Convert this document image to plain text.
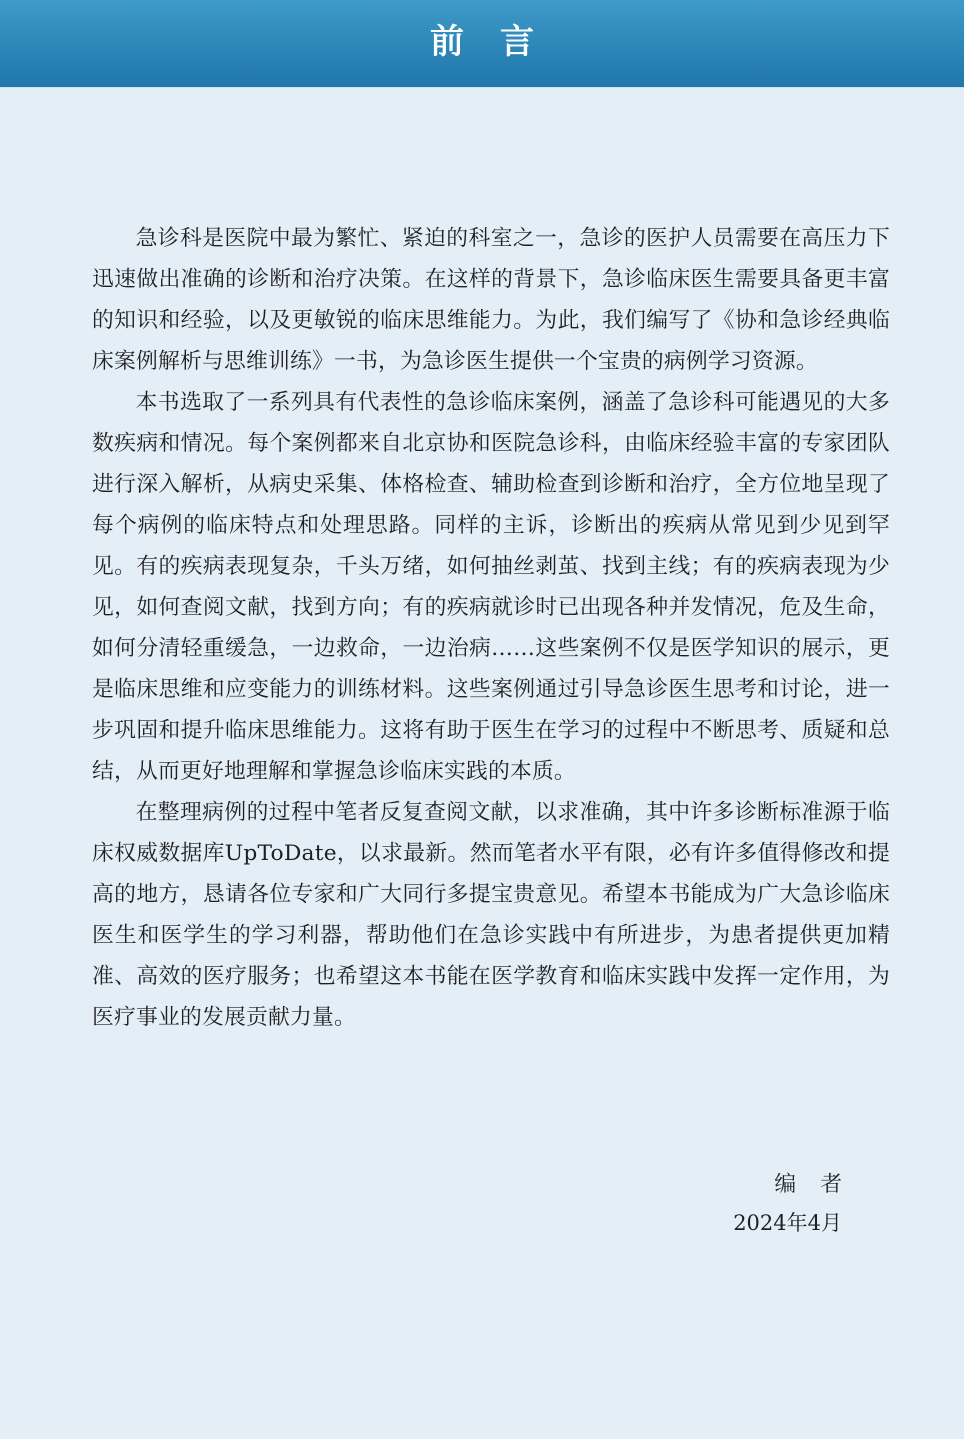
前言

急诊科是医院中最为繁忙、紧迫的科室之一，急诊的医护人员需要在高压力下迅速做出准确的诊断和治疗决策。在这样的背景下，急诊临床医生需要具备更丰富的知识和经验，以及更敏锐的临床思维能力。为此，我们编写了《协和急诊经典临床案例解析与思维训练》一书，为急诊医生提供一个宝贵的病例学习资源。

本书选取了一系列具有代表性的急诊临床案例，涵盖了急诊科可能遇见的大多数疾病和情况。每个案例都来自北京协和医院急诊科，由临床经验丰富的专家团队进行深入解析，从病史采集、体格检查、辅助检查到诊断和治疗，全方位地呈现了每个病例的临床特点和处理思路。同样的主诉，诊断出的疾病从常见到少见到罕见。有的疾病表现复杂，千头万绪，如何抽丝剥茧、找到主线；有的疾病表现为少见，如何查阅文献，找到方向；有的疾病就诊时已出现各种并发情况，危及生命，如何分清轻重缓急，一边救命，一边治病……这些案例不仅是医学知识的展示，更是临床思维和应变能力的训练材料。这些案例通过引导急诊医生思考和讨论，进一步巩固和提升临床思维能力。这将有助于医生在学习的过程中不断思考、质疑和总结，从而更好地理解和掌握急诊临床实践的本质。

在整理病例的过程中笔者反复查阅文献，以求准确，其中许多诊断标准源于临床权威数据库UpToDate，以求最新。然而笔者水平有限，必有许多值得修改和提高的地方，恳请各位专家和广大同行多提宝贵意见。希望本书能成为广大急诊临床医生和医学生的学习利器，帮助他们在急诊实践中有所进步，为患者提供更加精准、高效的医疗服务；也希望这本书能在医学教育和临床实践中发挥一定作用，为医疗事业的发展贡献力量。

编者
2024年4月
